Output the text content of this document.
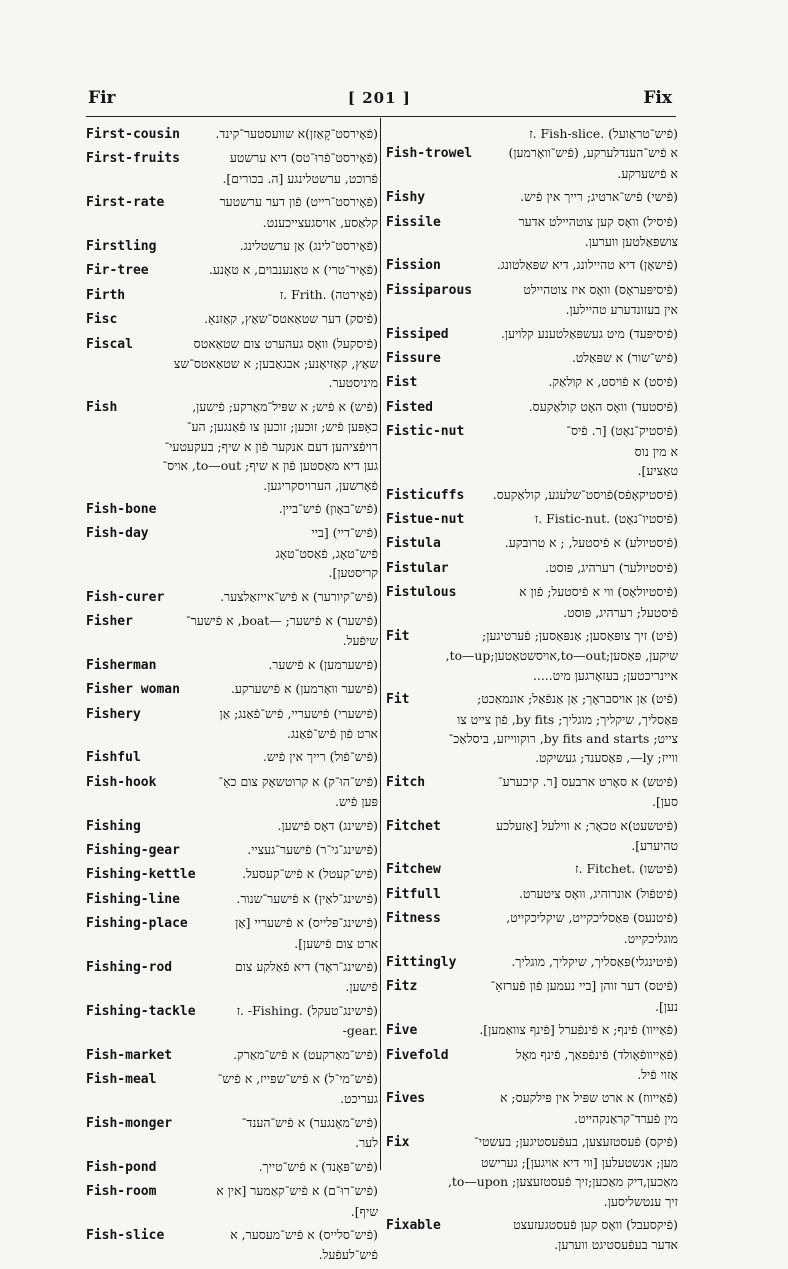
Fir	[ 201 ]	Fix
First-cousin	(פֿאָירסט־קָאַזן)א שוועסטער־קינד.
First-fruits	(פֿאָירסט־פֿרוּ־טס) דיא ערשטע
פֿרוכט, ערשטלינגע [ה. בכורים].
First-rate	(פֿאָירסט־רייט) פֿון דער ערשטער
קלאַסע, אויסגעצייכענט.
Firstling	(פֿאָירסט־לינג) אַן ערשטלינג.
Fir-tree	(פֿאָיר־טרי) א טאַנענבוים, א טאָנע.
Firth	(פֿאָירטה) .Frith .ז
Fisc	(פֿיסק) דער שטאַאטס־שאַץ, קאַזנאַ.
Fiscal	(פֿיסקעל) וואָס געהערט צום שטאַאטס
שאַץ, קאַזיאָנע; אבגאַבען; א שטאַאטס־שצ
מיניסטער.
Fish	(פֿיש) א פֿיש; א שפּיל־מאַרקע; פֿישען,
כאַפּען פֿיש; זוּכען; זוכען צו פֿאַנגען; הע־
רויפֿציהען דעם אנקער פֿון א שיף; בעקעטעי־
גען דיא מאַסטען פֿון א שיף; to—out, אויס־
פֿאָרשען, הערויסקריגען.
Fish-bone	(פֿיש־באָון) פֿיש־ביין.
Fish-day	(פֿיש־דיי) [ביי
פֿיש־טאָג, פֿאַסט־טאָג
קריסטען].
Fish-curer	(פֿיש־קיורער) א פֿיש־אייזאַלצער.
Fisher	(פֿישער) א פֿישער; —boat, א פֿישער־
שיפֿעל.
Fisherman	(פֿישערמען) א פֿישער.
Fisher woman	(פֿישער וואָרמען) א פֿישערקע.
Fishery	(פֿישערי) פֿישעריי, פֿיש־פֿאַנג; אַן
ארט פֿון פֿיש־פֿאַנג.
Fishful	(פֿיש־פֿול) רייך אין פֿיש.
Fish-hook	(פֿיש־הוּ־ק) א קרוטשאָק צום כאַ־
פּען פֿיש.
Fishing	(פֿישינג) דאָס פֿישען.
Fishing-gear	(פֿישינג־גי־ר) פֿישער־געציי.
Fishing-kettle	(פֿיש־קעטל) א פֿיש־קעסעל.
Fishing-line	(פֿישינג־לאַין) א פֿישער־שנור.
Fishing-place	(פֿישינג־פּלייס) א פֿישעריי [אַן
ארט צום פֿישען].
Fishing-rod	(פֿישינג־ראָד) דיא פֿאַלקע צום
פֿישען.
Fishing-tackle	(פֿישינג־טעקל) .Fishing- .ז
-gear.
Fish-market	(פֿיש־מאַרקעט) א פֿיש־מאַרק.
Fish-meal	(פֿיש־מי־ל) א פֿיש־שפּייז, א פֿיש־
געריכט.
Fish-monger	(פֿיש־מאָנגער) א פֿיש־הענד־
לער.
Fish-pond	(פֿיש־פּאָנד) א פֿיש־טייך.
Fish-room	(פֿיש־רוּ־ם) א פֿיש־קאַמער [אין א
שיף].
Fish-slice	(פֿיש־סלייס) א פֿיש־מעסער, א
פֿיש־לעפֿעל.
(פֿיש־טראַועל) .Fish-slice .ז
Fish-trowel	א פֿיש־הענדלערקע, (פֿיש־וואָרמען)
א פֿישערקע.
Fishy	(פֿישי) פֿיש־ארטיג; רייך אין פֿיש.
Fissile	(פֿיסיל) וואָס קען צוטהיילט אדער
צושפּאַלטען ווערען.
Fission	(פֿישאָן) דיא טהיילונג, דיא שפּאַלטונג.
Fissiparous	(פֿיסיפּעראָס) וואָס איז צוטהיילט
אין בעזונדערע טהיילען.
Fissiped	(פֿיסיפּעד) מיט געשפּאַלטענע קלויען.
Fissure	(פֿיש־שור) א שפּאַלט.
Fist	(פֿיסט) א פֿויסט, א קולאַק.
Fisted	(פֿיסטעד) וואָס האָט קולאַקעס.
Fistic-nut	(פֿיסטיק־נאָט) [ר. פֿיס־
א מין נוס
טאַציע].
Fisticuffs (פֿיסטיקאָפֿס)פֿויסט־שלעגע, קולאַקעס.
Fistue-nut	(פֿיסטיו־נאָט) .Fistic-nut .ז
Fistula	(פֿיסטיולע) א פֿיסטעל, ; א טרובקע.
Fistular	(פֿיסטיולער) רערהיג, פּוסט.
Fistulous	(פֿיסטיולאָס) ווי א פֿיסטעל; פֿון א
פֿיסטעל; רערהיג, פּוסט.
Fit	(פֿיט) זיך צופּאַסען; אַנפּאַסען; פֿערטיגען;
שיקען, פּאַסען;to—out,אויסשטאַטען;to—up,
איינריכטען; בעזאָרגען מיט.....
Fit	(פֿיט) אַן אויסבראָך; אַן אַנפֿאַל; אונמאַכט;
פּאַסליך, שיקליך; מוגליך; by fits, פֿון צייט צו
צייט; by fits and starts, רוקווייזע, ביסלאַכ־
ווייז; ly—, פּאַסענד; געשיקט.
Fitch	(פֿיטש) א סאָרט ארבעס [ר. קיכערע־
סען].
Fitchet	(פֿיטשעט)א טכאָר; א ווילעל [אַזעלכע
טהיערע].
Fitchew	(פֿיטשו) .Fitchet .ז
Fitfull	(פֿיטפֿול) אונרוהיג, וואָס ציטערט.
Fitness	(פֿיטנעס) פּאַסליכקייט, שיקליכקייט,
מוגליכקייט.
Fittingly	(פֿיטינגלי)פּאַסליך, שיקליך, מוגליך.
Fitz	(פֿיטס) דער זוהן [ביי נעמען פֿון פֿערזאַ־
נען].
Five	(פֿאַייוו) פֿינף; א פֿינפֿערל [פֿינף צוואַמען].
Fivefold	(פֿאַייוופֿאָולד) פֿינפֿפאַך, פֿינף מאָל
אַזוי פֿיל.
Fives	(פֿאַייווז) א ארט שפּיל אין פּילקעס; א
מין פֿערד־קראַנקהייט.
Fix	(פֿיקס) פֿעסטזעצען, בעפֿעסטיגען; בעשטי־
מען; אנשטעלען [ווי דיא אויגען]; גערישט
מאַכען,דיק מאַכען;זיך פֿעסטזעצען; to—upon,
זיך ענטשליסען.
Fixable	(פֿיקסעבל) וואָס קען פֿעסטגעזעצט
אדער בעפֿעסטיגט ווערען.
